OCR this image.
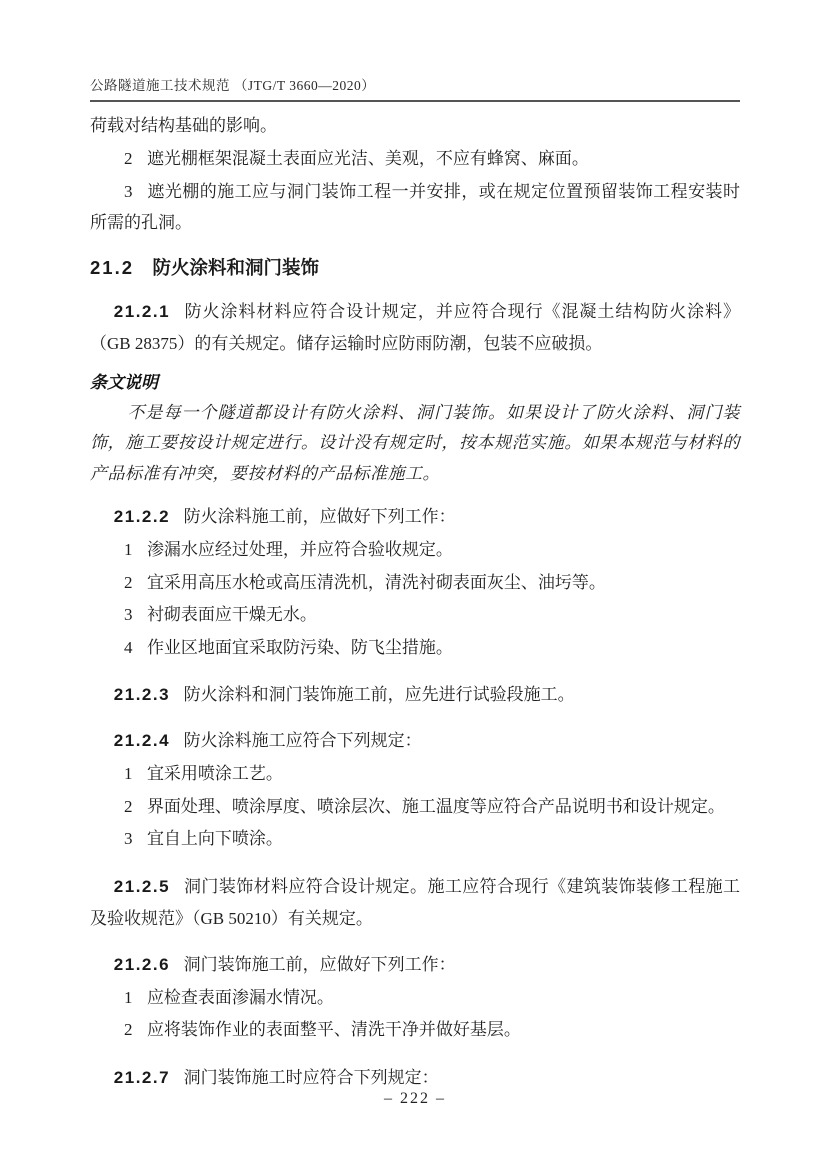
公路隧道施工技术规范 （JTG/T 3660—2020）

荷载对结构基础的影响。

2 遮光棚框架混凝土表面应光洁、美观，不应有蜂窝、麻面。

3 遮光棚的施工应与洞门装饰工程一并安排，或在规定位置预留装饰工程安装时所需的孔洞。

21.2 防火涂料和洞门装饰

21.2.1 防火涂料材料应符合设计规定，并应符合现行《混凝土结构防火涂料》（GB 28375）的有关规定。储存运输时应防雨防潮，包装不应破损。

条文说明

不是每一个隧道都设计有防火涂料、洞门装饰。如果设计了防火涂料、洞门装饰，施工要按设计规定进行。设计没有规定时，按本规范实施。如果本规范与材料的产品标准有冲突，要按材料的产品标准施工。

21.2.2 防火涂料施工前，应做好下列工作：

1 渗漏水应经过处理，并应符合验收规定。

2 宜采用高压水枪或高压清洗机，清洗衬砌表面灰尘、油圬等。

3 衬砌表面应干燥无水。

4 作业区地面宜采取防污染、防飞尘措施。

21.2.3 防火涂料和洞门装饰施工前，应先进行试验段施工。

21.2.4 防火涂料施工应符合下列规定：

1 宜采用喷涂工艺。

2 界面处理、喷涂厚度、喷涂层次、施工温度等应符合产品说明书和设计规定。

3 宜自上向下喷涂。

21.2.5 洞门装饰材料应符合设计规定。施工应符合现行《建筑装饰装修工程施工及验收规范》（GB 50210）有关规定。

21.2.6 洞门装饰施工前，应做好下列工作：

1 应检查表面渗漏水情况。

2 应将装饰作业的表面整平、清洗干净并做好基层。

21.2.7 洞门装饰施工时应符合下列规定：

– 222 –
